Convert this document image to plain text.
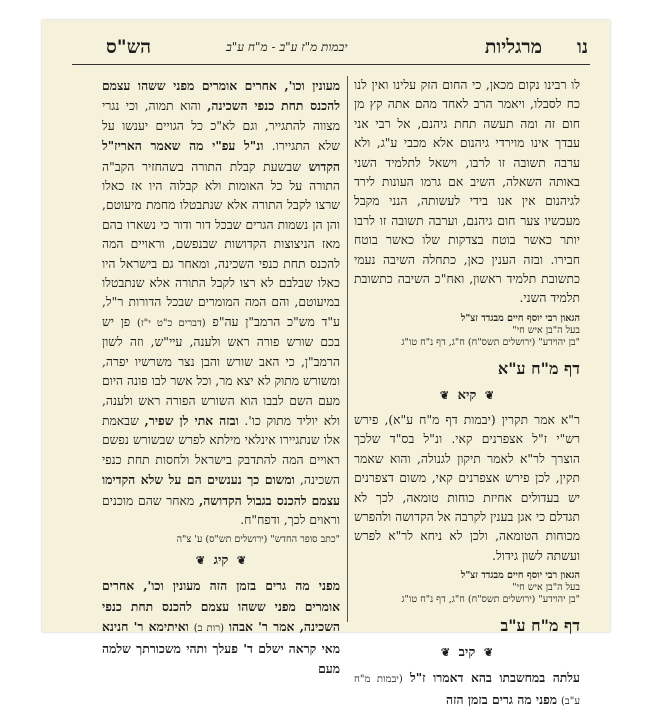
נו
מרגליות
יבמות מ"ז ע"ב - מ"ח ע"ב
הש"ס

לו רבינו נקום מכאן, כי החום הזק עלינו ואין לנו כח לסבלו, ויאמר הרב לאחד מהם אתה קץ מן חום זה ומה תעשה תחת גיהנם, אל רבי אני עבדך אינו מוירדי גיהנום אלא מכבי ע"ג, ולא ערבה תשובה זו לרבו, וישאל לתלמיד השני באותה השאלה, השיב אם גרמו העונות לירד לגיהנום אין אנו בידי לעשותה, הנני מקבל מעכשיו צער חום גיהנם, וערבה תשובה זו לרבו יותר כאשר בוטח בצדקות שלו כאשר בוטח חבירו. ובזה הענין כאן, כתחלה השיבה נעמי כתשובת תלמיד ראשון, ואח"כ השיבה כתשובת תלמיד השני.

הגאון רבי יוסף חיים מבגדד זצ"ל
בעל ה"בן איש חי"
"בן יהוידע" (ירושלים תשס"ח) ח"ג, דף נ"ח טו"ג
דף מ"ח ע"א
❦ קיא ❦

ר"א אמר תקרין (יבמות דף מ"ח ע"א), פירש רש"י ז"ל אצפרנים קאי. ונ"ל בס"ד שלכך הוצרך לר"א לאמר תיקון לגנולה, והוא שאמר תקין, לכן פירש אצפרנים קאי, משום דצפרנים יש בעדולים אחיזת כוחות טומאה, לכך לא תגדלם כי אגן בענין לקרבה אל הקדושה ולהפרש מכוחות הטומאה, ולכן לא ניחא לר"א לפרש ועשתה לשון גידול.

הגאון רבי יוסף חיים מבגדד זצ"ל
בעל ה"בן איש חי"
"בן יהוידע" (ירושלים תשס"ח) ח"ג, דף נ"ח טו"ג
דף מ"ח ע"ב
❦ קיב ❦

עלתה במחשבתו בהא דאמרו ז"ל (יבמות מ"ח ע"ב) מפני מה גרים בזמן הזה

מעונין וכו', אחרים אומרים מפני ששהו עצמם להכנס תחת כנפי השכינה, והוא תמוה, וכי נגרי מצווה להתגייר, וגם לא"כ כל הגויים יענשו על שלא התגיירו. ונ"ל עפ"י מה שאמר האריז"ל הקדוש שבשעת קבלת התורה בשהחזיר הקב"ה התורה על כל האומות ולא קבלוה היו אז כאלו שרצו לקבל התורה אלא שנתבטלו מחמת מיעוטם, והן הן נשמות הגרים שבכל דור ודור כי נשארו בהם מאז הניצוצות הקדושות שבנפשם, וראויים המה להכנס תחת כנפי השכינה, ומאחר גם בישראל היו כאלו שבלבם לא רצו לקבל התורה אלא שנתבטלו במיעוטם, והם המה המומרים שבכל הדורות ר"ל, ע"ד מש"כ הרמב"ן עה"פ (דברים כ"ט י"ז) פן יש בכם שורש פורה ראש ולענה, עיי"ש, וזה לשון הרמב"ן, כי האב שורש והבן נצר משרשיו יפרה, ומשורש מתוק לא יצא מר, וכל אשר לבו פונה היום מעם השם לבבו הוא השורש הפורה ראש ולענה, ולא יוליד מתוק כו'. ובזה אתי לן שפיר, שבאמת אלו שנתגיירו אינלאי מילתא לפרש שבשורש נפשם ראויים המה להתדבק בישראל ולחסות תחת כנפי השכינה, ומשום כך נענשים הם על שלא הקדימו עצמם להכנס בגבול הקדושה, מאחר שהם מוכנים וראוים לכך, ודפח"ח.

"כתב סופר החדש" (ירושלים תש"ס) ע' צ"ה
❦ קיג ❦

מפני מה גרים בזמן הזה מעונין וכו', אחרים אומרים מפני ששהו עצמם להכנס תחת כנפי השכינה, אמר ר' אבהו (רות ב) ואיתימא ר' חנינא מאי קראה ישלם ד' פעלך ותהי משכורתך שלמה מעם
